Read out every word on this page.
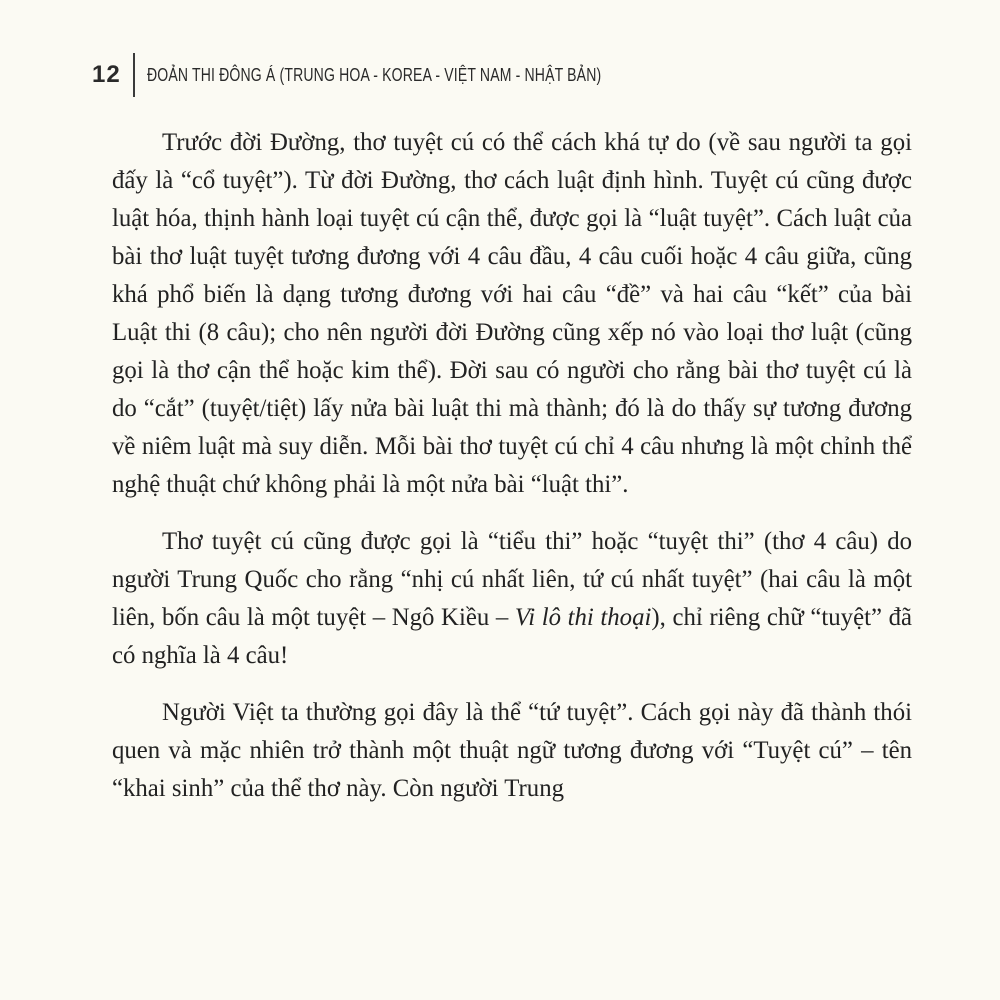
12	ĐOẢN THI ĐÔNG Á (TRUNG HOA - KOREA - VIỆT NAM - NHẬT BẢN)

Trước đời Đường, thơ tuyệt cú có thể cách khá tự do (về sau người ta gọi đấy là “cổ tuyệt”). Từ đời Đường, thơ cách luật định hình. Tuyệt cú cũng được luật hóa, thịnh hành loại tuyệt cú cận thể, được gọi là “luật tuyệt”. Cách luật của bài thơ luật tuyệt tương đương với 4 câu đầu, 4 câu cuối hoặc 4 câu giữa, cũng khá phổ biến là dạng tương đương với hai câu “đề” và hai câu “kết” của bài Luật thi (8 câu); cho nên người đời Đường cũng xếp nó vào loại thơ luật (cũng gọi là thơ cận thể hoặc kim thể). Đời sau có người cho rằng bài thơ tuyệt cú là do “cắt” (tuyệt/tiệt) lấy nửa bài luật thi mà thành; đó là do thấy sự tương đương về niêm luật mà suy diễn. Mỗi bài thơ tuyệt cú chỉ 4 câu nhưng là một chỉnh thể nghệ thuật chứ không phải là một nửa bài “luật thi”.

Thơ tuyệt cú cũng được gọi là “tiểu thi” hoặc “tuyệt thi” (thơ 4 câu) do người Trung Quốc cho rằng “nhị cú nhất liên, tứ cú nhất tuyệt” (hai câu là một liên, bốn câu là một tuyệt – Ngô Kiều – Vi lô thi thoại), chỉ riêng chữ “tuyệt” đã có nghĩa là 4 câu!

Người Việt ta thường gọi đây là thể “tứ tuyệt”. Cách gọi này đã thành thói quen và mặc nhiên trở thành một thuật ngữ tương đương với “Tuyệt cú” – tên “khai sinh” của thể thơ này. Còn người Trung
